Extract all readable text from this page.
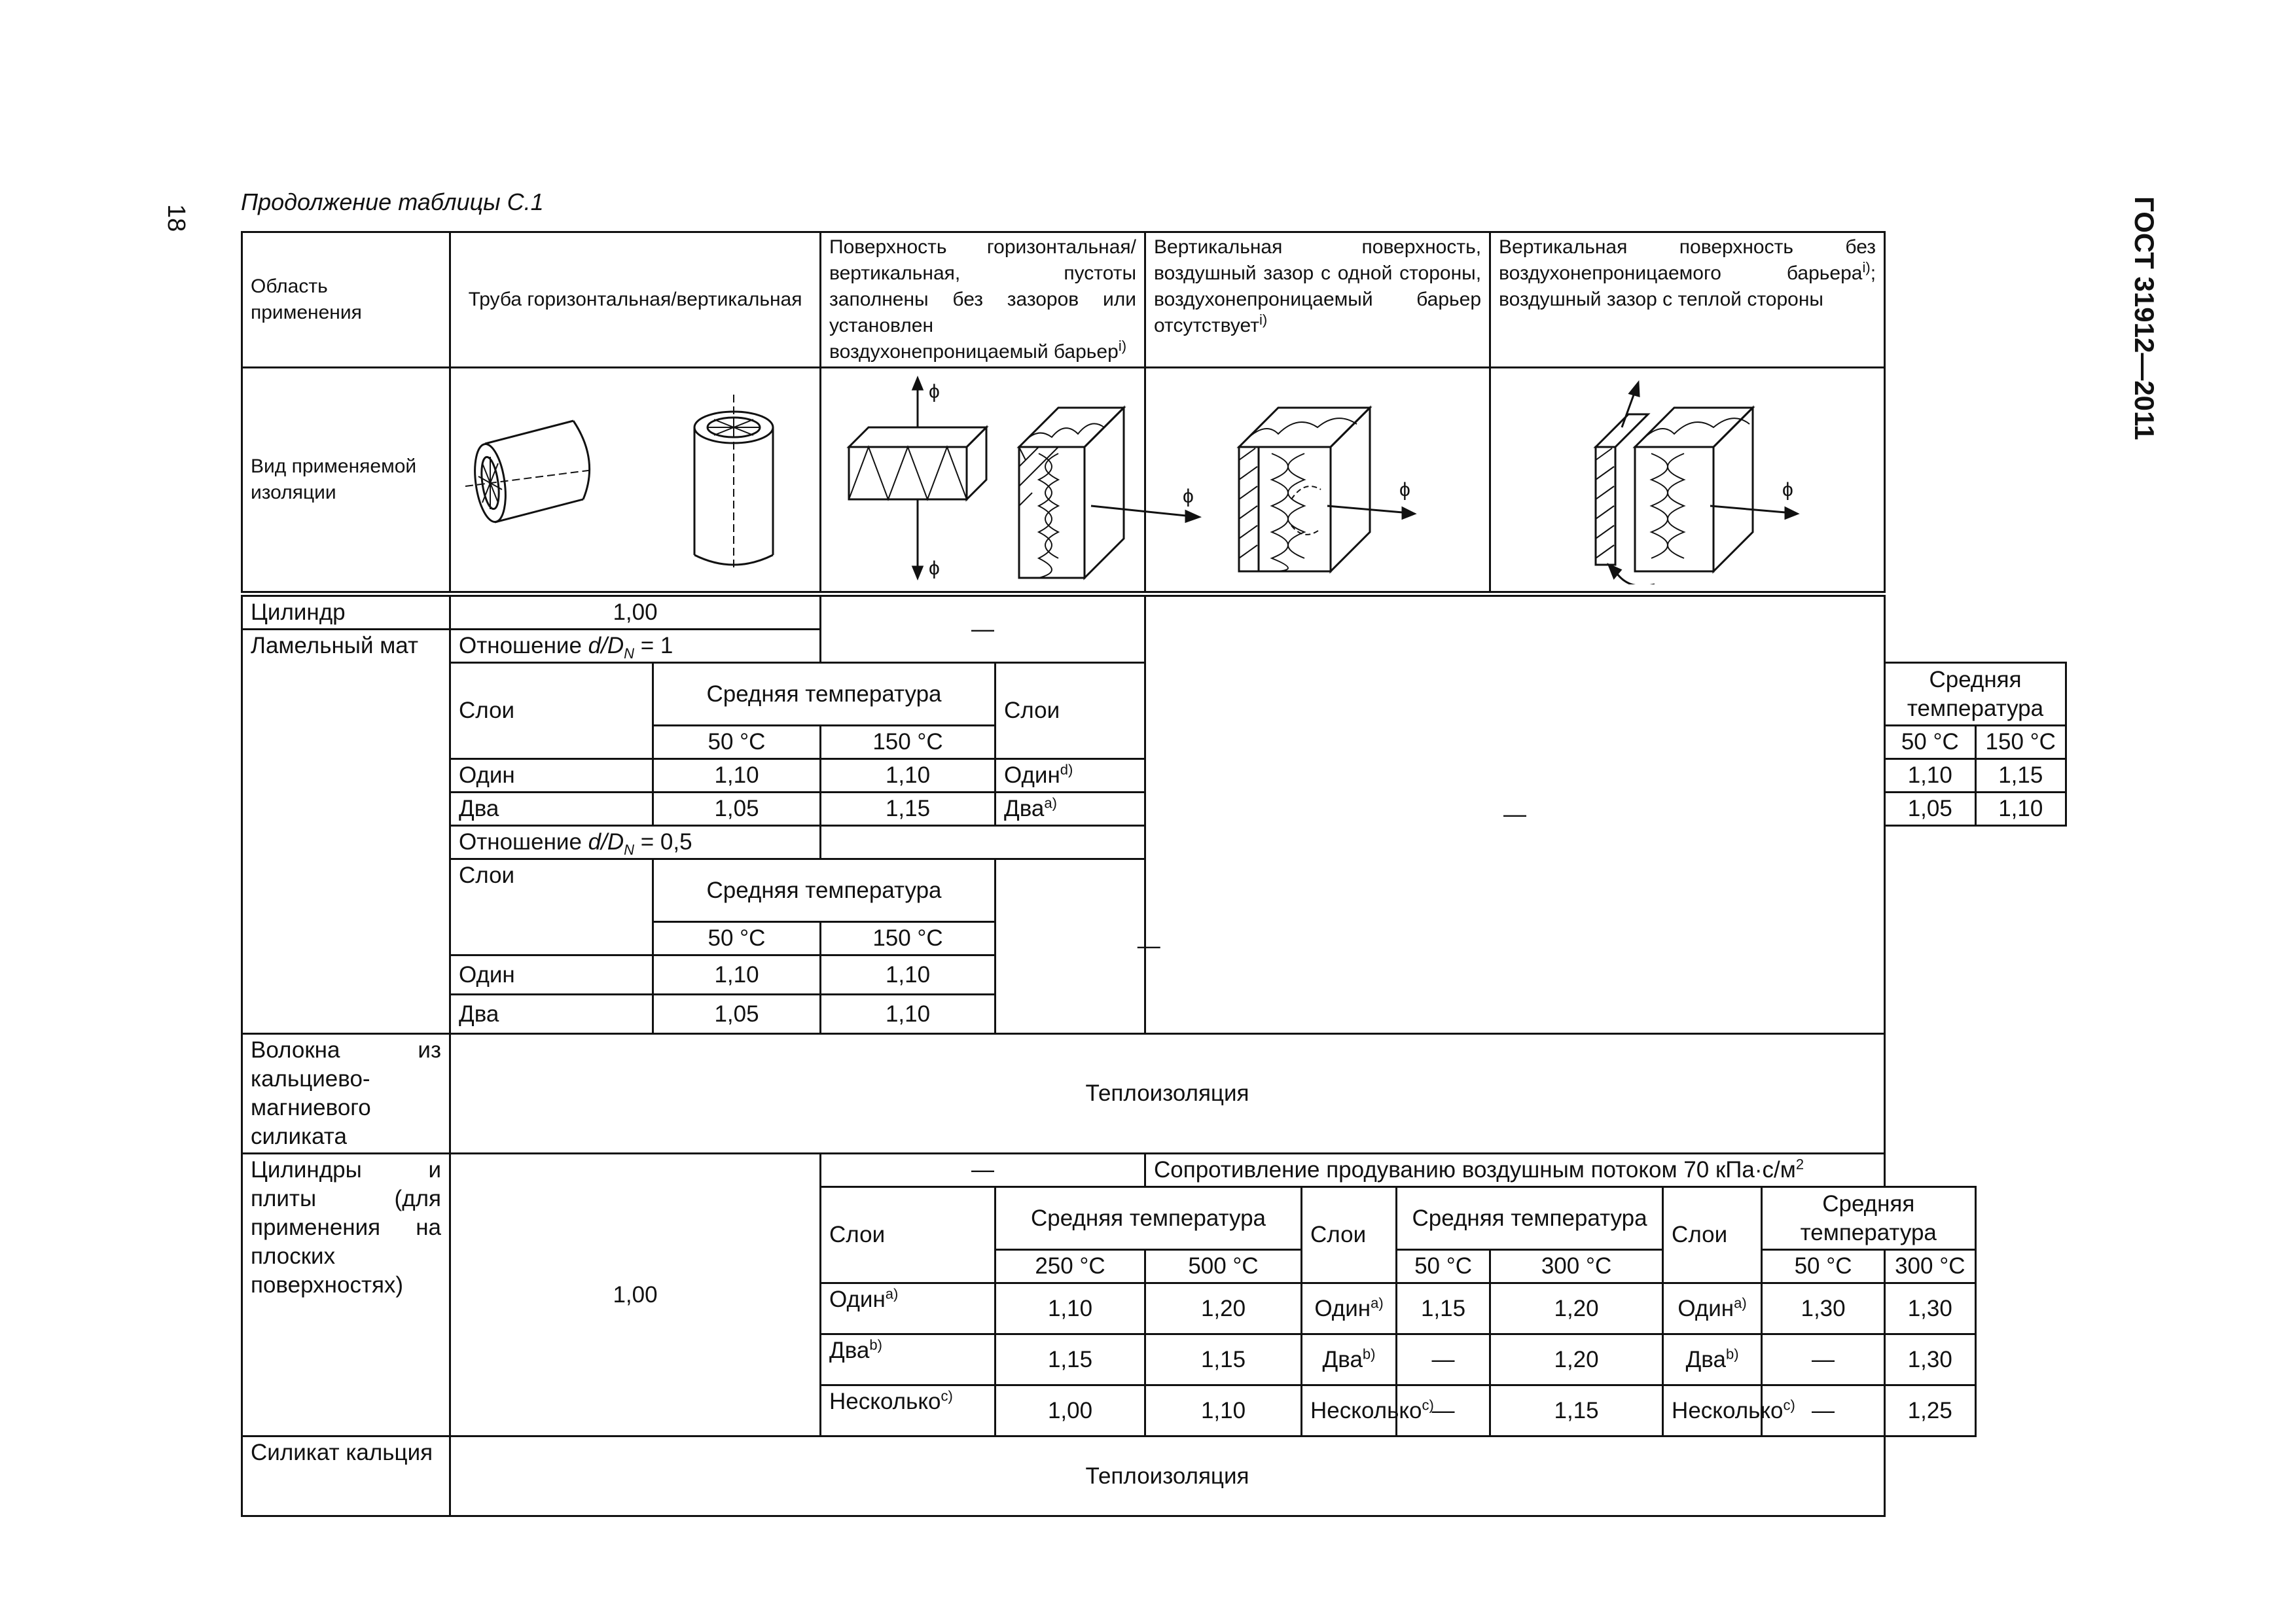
18	ГОСТ 31912—2011
Продолжение таблицы С.1
Область применения	Труба горизонтальная/вертикальная		Поверхность горизонтальная/вертикальная, пустоты заполнены без зазоров или установлен воздухонепроницаемый барьер$^{i)}$		Вертикальная поверхность, воздушный зазор с одной стороны, воздухонепроницаемый барьер отсутствует$^{i)}$			Вертикальная поверхность без воздухонепроницаемого барьера$^{i)}$; воздушный зазор с теплой стороны				
Вид применяемой изоляции			ϕ
ϕ
ϕ		ϕ			ϕ				

Цилиндр	1,00		—		—							
Ламельный мат	Отношение $d/D_N = 1$											
	Слои	Средняя температура		Слои							Средняя температура	
		50 °C	150 °C								50 °C	150 °C
	Один	1,10	1,10	Один$^{d)}$							1,10	1,15
	Два	1,05	1,15	Два$^{a)}$							1,05	1,10
	Отношение $d/D_N = 0,5$											
	Слои	Средняя температура		—								
		50 °C	150 °C									
	Один	1,10	1,10									
	Два	1,05	1,10									
Волокна из кальциево-магниевого силиката	Теплоизоляция											
Цилиндры и плиты (для применения на плоских поверхностях)	1,00		—		Сопротивление продуванию воздушным потоком 70 $кПа\cdot с/м^2$
			Слои	Средняя температура		Слои	Средняя температура		Слои	Средняя температура		
				250 °C	500 °C		50 °C	300 °C		50 °C	300 °C	
			Один$^{a)}$	1,10	1,20	Один$^{a)}$	1,15	1,20	Один$^{a)}$	1,30	1,30	
			Два$^{b)}$	1,15	1,15	Два$^{b)}$	—	1,20	Два$^{b)}$	—	1,30	
			Несколько$^{c)}$	1,00	1,10	Несколько$^{c)}$	—	1,15	Несколько$^{c)}$	—	1,25	
Силикат кальция	Теплоизоляция											
